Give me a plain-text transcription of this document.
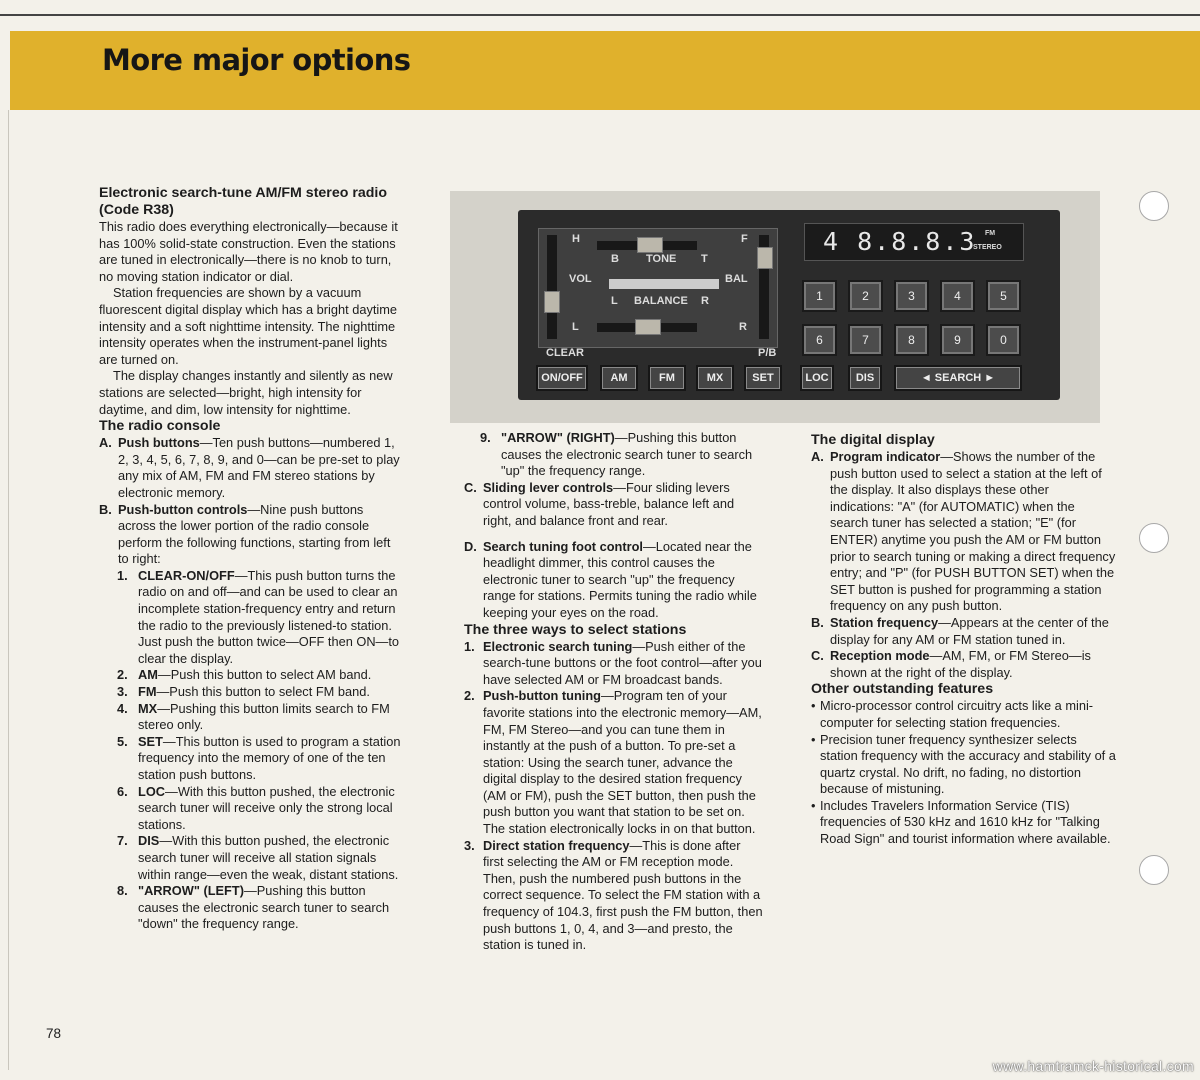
More major options

Electronic search-tune AM/FM stereo radio (Code R38)

This radio does everything electronically—because it has 100% solid-state construction. Even the stations are tuned in electronically—there is no knob to turn, no moving station indicator or dial.

Station frequencies are shown by a vacuum fluorescent digital display which has a bright daytime intensity and a soft nighttime intensity. The nighttime intensity operates when the instrument-panel lights are turned on.

The display changes instantly and silently as new stations are selected—bright, high intensity for daytime, and dim, low intensity for nighttime.

The radio console

A. Push buttons—Ten push buttons—numbered 1, 2, 3, 4, 5, 6, 7, 8, 9, and 0—can be pre-set to play any mix of AM, FM and FM stereo stations by electronic memory.
B. Push-button controls—Nine push buttons across the lower portion of the radio console perform the following functions, starting from left to right:
1. CLEAR-ON/OFF—This push button turns the radio on and off—and can be used to clear an incomplete station-frequency entry and return the radio to the previously listened-to station. Just push the button twice—OFF then ON—to clear the display.
2. AM—Push this button to select AM band.
3. FM—Push this button to select FM band.
4. MX—Pushing this button limits search to FM stereo only.
5. SET—This button is used to program a station frequency into the memory of one of the ten station push buttons.
6. LOC—With this button pushed, the electronic search tuner will receive only the strong local stations.
7. DIS—With this button pushed, the electronic search tuner will receive all station signals within range—even the weak, distant stations.
8. "ARROW" (LEFT)—Pushing this button causes the electronic search tuner to search "down" the frequency range.
H	F
B TONE T
VOL	BAL
L BALANCE R
L	R
CLEAR	P/B
ON/OFF	AM	FM	MX	SET
4 8.8.8.3 FM
STEREO
1	2	3	4	5
6	7	8	9	0
LOC	DIS	◄ SEARCH ►
9. "ARROW" (RIGHT)—Pushing this button causes the electronic search tuner to search "up" the frequency range.
C. Sliding lever controls—Four sliding levers control volume, bass-treble, balance left and right, and balance front and rear.
D. Search tuning foot control—Located near the headlight dimmer, this control causes the electronic tuner to search "up" the frequency range for stations. Permits tuning the radio while keeping your eyes on the road.

The three ways to select stations

1. Electronic search tuning—Push either of the search-tune buttons or the foot control—after you have selected AM or FM broadcast bands.
2. Push-button tuning—Program ten of your favorite stations into the electronic memory—AM, FM, FM Stereo—and you can tune them in instantly at the push of a button. To pre-set a station: Using the search tuner, advance the digital display to the desired station frequency (AM or FM), push the SET button, then push the push button you want that station to be set on. The station electronically locks in on that button.
3. Direct station frequency—This is done after first selecting the AM or FM reception mode. Then, push the numbered push buttons in the correct sequence. To select the FM station with a frequency of 104.3, first push the FM button, then push buttons 1, 0, 4, and 3—and presto, the station is tuned in.

The digital display

A. Program indicator—Shows the number of the push button used to select a station at the left of the display. It also displays these other indications: "A" (for AUTOMATIC) when the search tuner has selected a station; "E" (for ENTER) anytime you push the AM or FM button prior to search tuning or making a direct frequency entry; and "P" (for PUSH BUTTON SET) when the SET button is pushed for programming a station frequency on any push button.
B. Station frequency—Appears at the center of the display for any AM or FM station tuned in.
C. Reception mode—AM, FM, or FM Stereo—is shown at the right of the display.

Other outstanding features

• Micro-processor control circuitry acts like a mini-computer for selecting station frequencies.
• Precision tuner frequency synthesizer selects station frequency with the accuracy and stability of a quartz crystal. No drift, no fading, no distortion because of mistuning.
• Includes Travelers Information Service (TIS) frequencies of 530 kHz and 1610 kHz for "Talking Road Sign" and tourist information where available.
78
www.hamtramck-historical.com
